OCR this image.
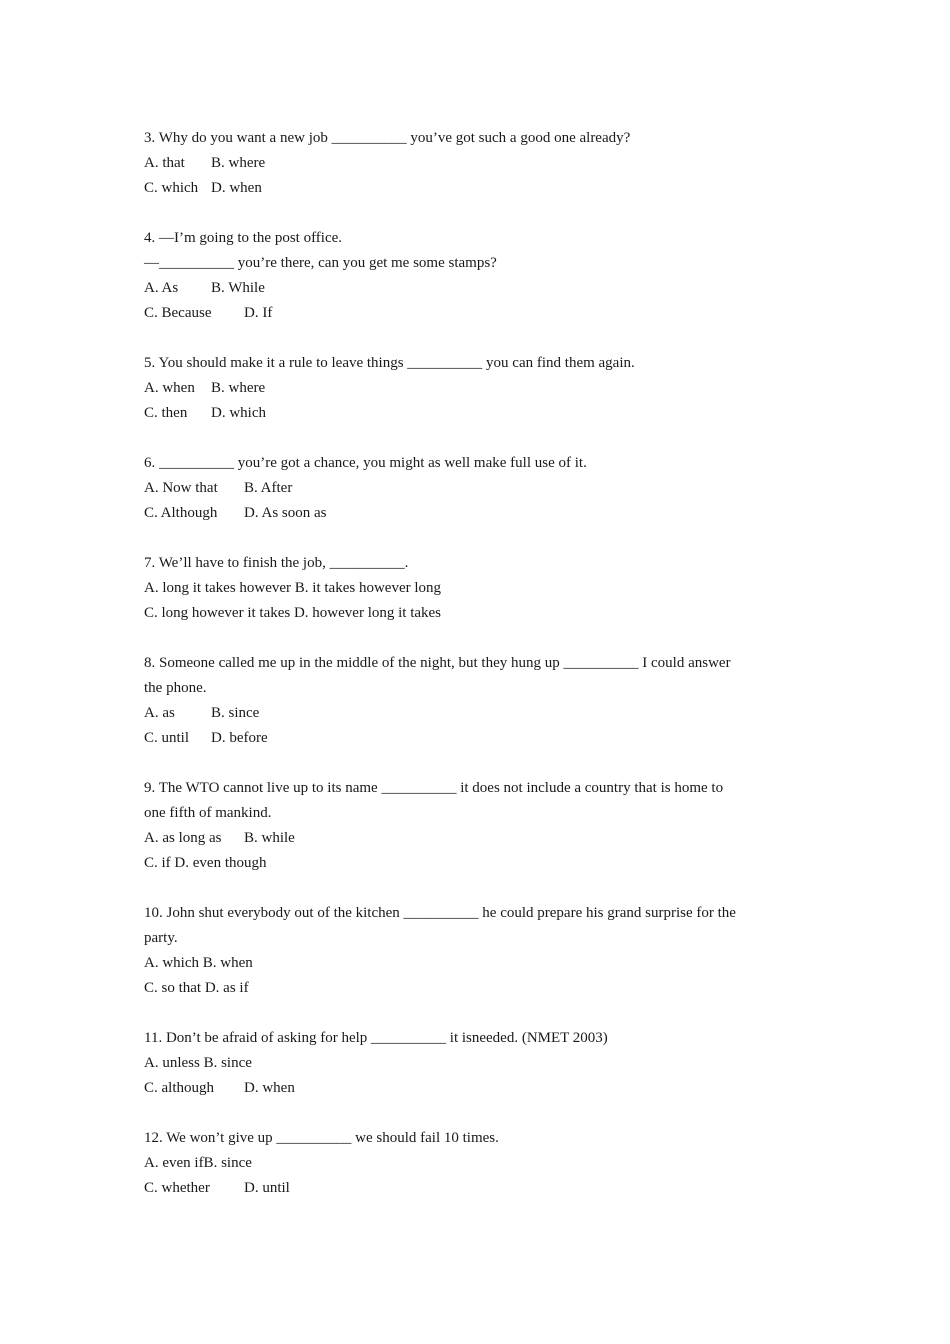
3. Why do you want a new job __________ you’ve got such a good one already?
A. that B. where
C. which D. when
4. —I’m going to the post office.
—__________ you’re there, can you get me some stamps?
A. As B. While
C. Because D. If
5. You should make it a rule to leave things __________ you can find them again.
A. when B. where
C. then D. which
6. __________ you’re got a chance, you might as well make full use of it.
A. Now that B. After
C. Although D. As soon as
7. We’ll have to finish the job, __________.
A. long it takes however B. it takes however long
C. long however it takes D. however long it takes
8. Someone called me up in the middle of the night, but they hung up __________ I could answer
the phone.
A. as B. since
C. until D. before
9. The WTO cannot live up to its name __________ it does not include a country that is home to
one fifth of mankind.
A. as long as B. while
C. if D. even though
10. John shut everybody out of the kitchen __________ he could prepare his grand surprise for the
party.
A. which B. when
C. so that D. as if
11. Don’t be afraid of asking for help __________ it isneeded. (NMET 2003)
A. unless B. since
C. although D. when
12. We won’t give up __________ we should fail 10 times.
A. even ifB. since
C. whether D. until
